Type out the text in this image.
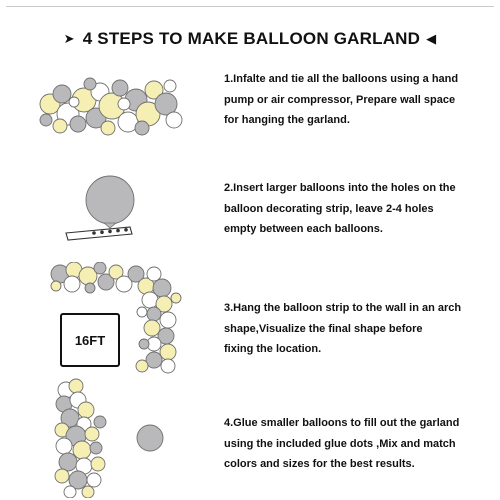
➤ 4 STEPS TO MAKE BALLOON GARLAND ◀
16FT
1.Infalte and tie all the balloons using a hand
pump or air compressor, Prepare wall space
for hanging the garland.
2.Insert larger balloons into the holes on the
balloon decorating strip, leave 2-4 holes
empty between each balloons.
3.Hang the balloon strip to the wall in an arch
shape,Visualize the final shape before
fixing the location.
4.Glue smaller balloons to fill out the garland
using the included glue dots ,Mix and match
colors and sizes for the best results.
